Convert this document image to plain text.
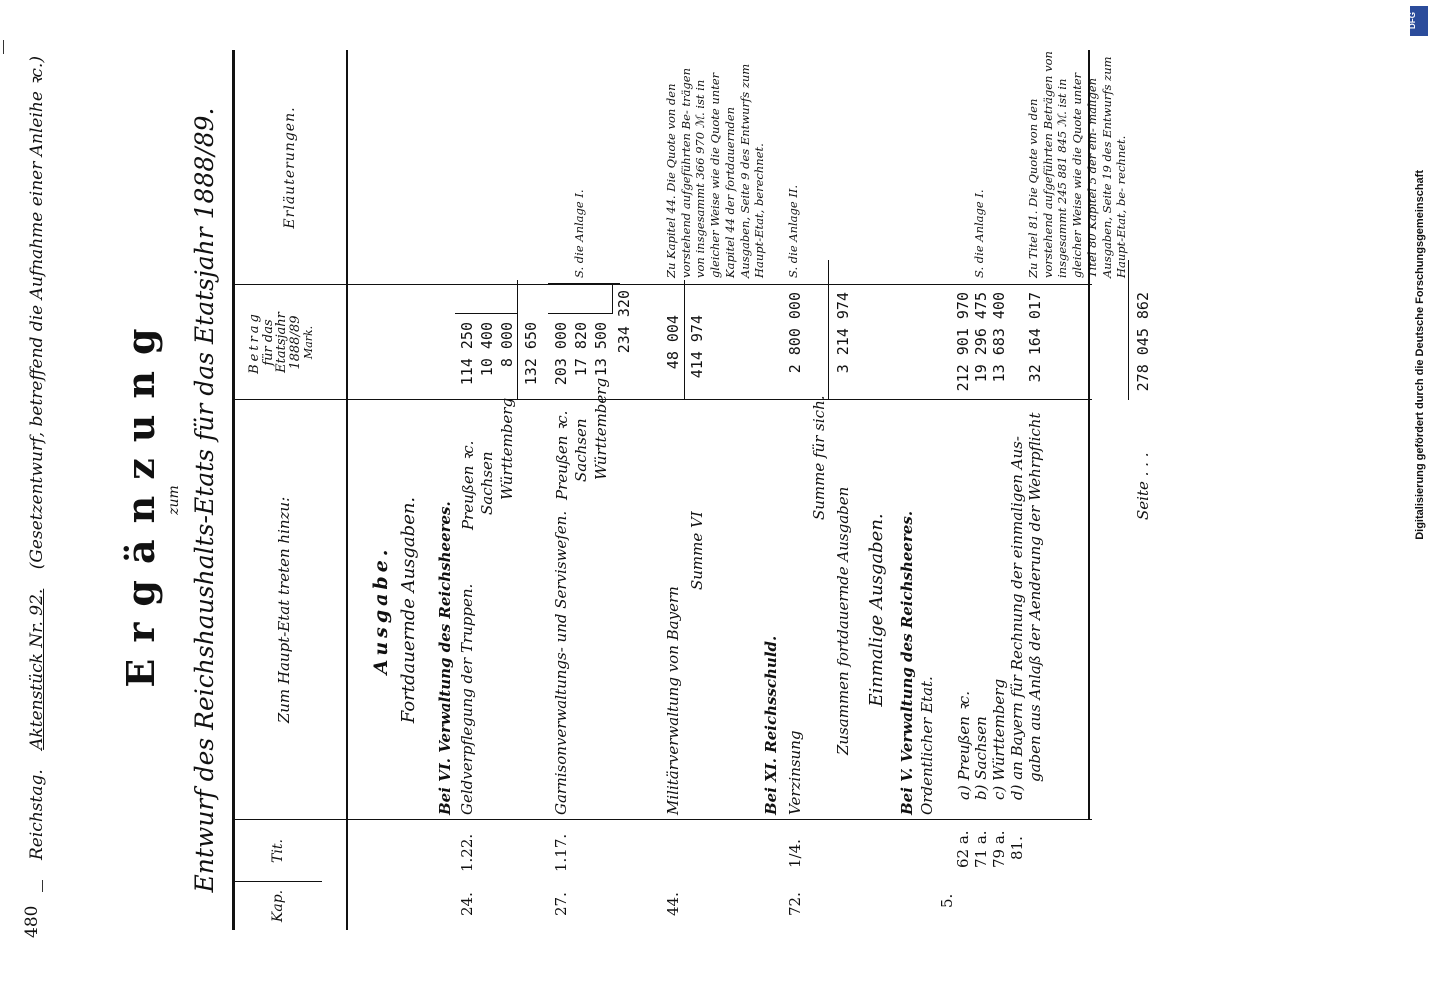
480
Reichstag. Aktenstück Nr. 92. (Gesetzentwurf, betreffend die Aufnahme einer Anleihe ꝛc.) Ergänzung zum Entwurf des Reichshaushalts-Etats für das Etatsjahr 1888/89.
Kap.
Tit.
Zum Haupt-Etat treten hinzu:
Betrag
für das
Etatsjahr
1888/89
Mark.
Erläuterungen.
Ausgabe. Fortdauernde Ausgaben. Bei VI. Verwaltung des Reichsheeres.
24.
1.22.
Geldverpflegung der Truppen.
Preußen ꝛc. Sachsen Württemberg
114 250 10 400 8 000 132 650
27.
1.17.
Garnisonverwaltungs- und Servisweſen.
Preußen ꝛc. Sachsen Württemberg
203 000 17 820 13 500 234 320
S. die Anlage I.
44.
Militärverwaltung von Bayern
48 004
Summe VI
414 974
Zu Kapitel 44. Die Quote von den vorstehend aufgeführten Be- trägen von insgesammt 366 970 ℳ. ist in gleicher Weise wie die Quote unter Kapitel 44 der fortdauernden Ausgaben, Seite 9 des Entwurfs zum Haupt-Etat, berechnet.
Bei XI. Reichsschuld.
72.
1/4.
Verzinsung
Summe für sich.
2 800 000
S. die Anlage II.
Zusammen fortdauernde Ausgaben
3 214 974
Einmalige Ausgaben. Bei V. Verwaltung des Reichsheeres. Ordentlicher Etat.
5.
62 a. 71 a. 79 a. 81.
a) Preußen ꝛc. b) Sachsen c) Württemberg d) an Bayern für Rechnung der einmaligen Aus- gaben aus Anlaß der Aenderung der Wehrpflicht
212 901 970 19 296 475 13 683 400 32 164 017
S. die Anlage I.	Zu Titel 81. Die Quote von den vorstehend aufgeführten Beträgen von insgesammt 245 881 845 ℳ. ist in gleicher Weise wie die Quote unter Titel 80 Kapitel 5 der ein- maligen Ausgaben, Seite 19 des Entwurfs zum Haupt-Etat, be- rechnet.
Seite . . .
278 045 862	Digitalisierung gefördert durch die Deutsche Forschungsgemeinschaft
DFG
